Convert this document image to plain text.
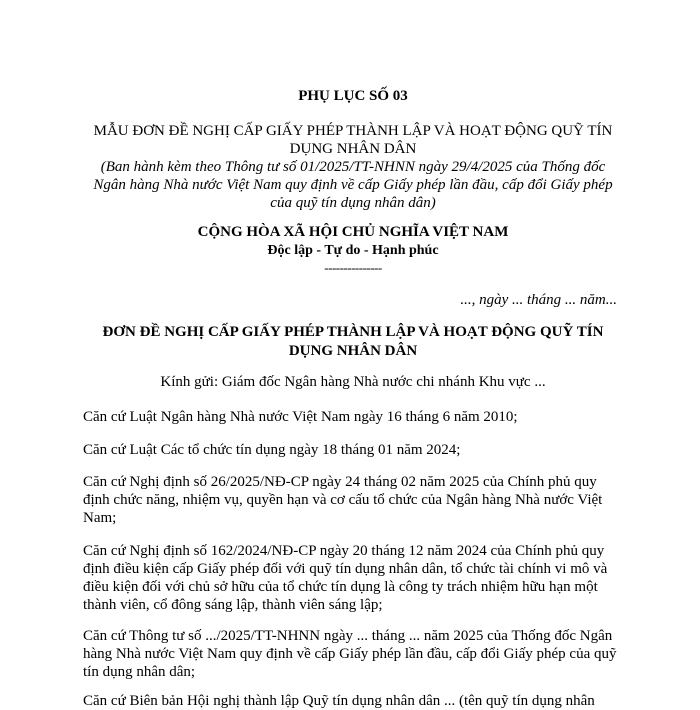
PHỤ LỤC SỐ 03
MẪU ĐƠN ĐỀ NGHỊ CẤP GIẤY PHÉP THÀNH LẬP VÀ HOẠT ĐỘNG QUỸ TÍN DỤNG NHÂN DÂN
(Ban hành kèm theo Thông tư số 01/2025/TT-NHNN ngày 29/4/2025 của Thống đốc Ngân hàng Nhà nước Việt Nam quy định về cấp Giấy phép lần đầu, cấp đổi Giấy phép của quỹ tín dụng nhân dân)
CỘNG HÒA XÃ HỘI CHỦ NGHĨA VIỆT NAM
Độc lập - Tự do - Hạnh phúc
---------------
..., ngày ... tháng ... năm...
ĐƠN ĐỀ NGHỊ CẤP GIẤY PHÉP THÀNH LẬP VÀ HOẠT ĐỘNG QUỸ TÍN DỤNG NHÂN DÂN
Kính gửi: Giám đốc Ngân hàng Nhà nước chi nhánh Khu vực ...
Căn cứ Luật Ngân hàng Nhà nước Việt Nam ngày 16 tháng 6 năm 2010;
Căn cứ Luật Các tổ chức tín dụng ngày 18 tháng 01 năm 2024;
Căn cứ Nghị định số 26/2025/NĐ-CP ngày 24 tháng 02 năm 2025 của Chính phủ quy định chức năng, nhiệm vụ, quyền hạn và cơ cấu tổ chức của Ngân hàng Nhà nước Việt Nam;
Căn cứ Nghị định số 162/2024/NĐ-CP ngày 20 tháng 12 năm 2024 của Chính phủ quy định điều kiện cấp Giấy phép đối với quỹ tín dụng nhân dân, tổ chức tài chính vi mô và điều kiện đối với chủ sở hữu của tổ chức tín dụng là công ty trách nhiệm hữu hạn một thành viên, cổ đông sáng lập, thành viên sáng lập;
Căn cứ Thông tư số .../2025/TT-NHNN ngày ... tháng ... năm 2025 của Thống đốc Ngân hàng Nhà nước Việt Nam quy định về cấp Giấy phép lần đầu, cấp đổi Giấy phép của quỹ tín dụng nhân dân;
Căn cứ Biên bản Hội nghị thành lập Quỹ tín dụng nhân dân ... (tên quỹ tín dụng nhân
